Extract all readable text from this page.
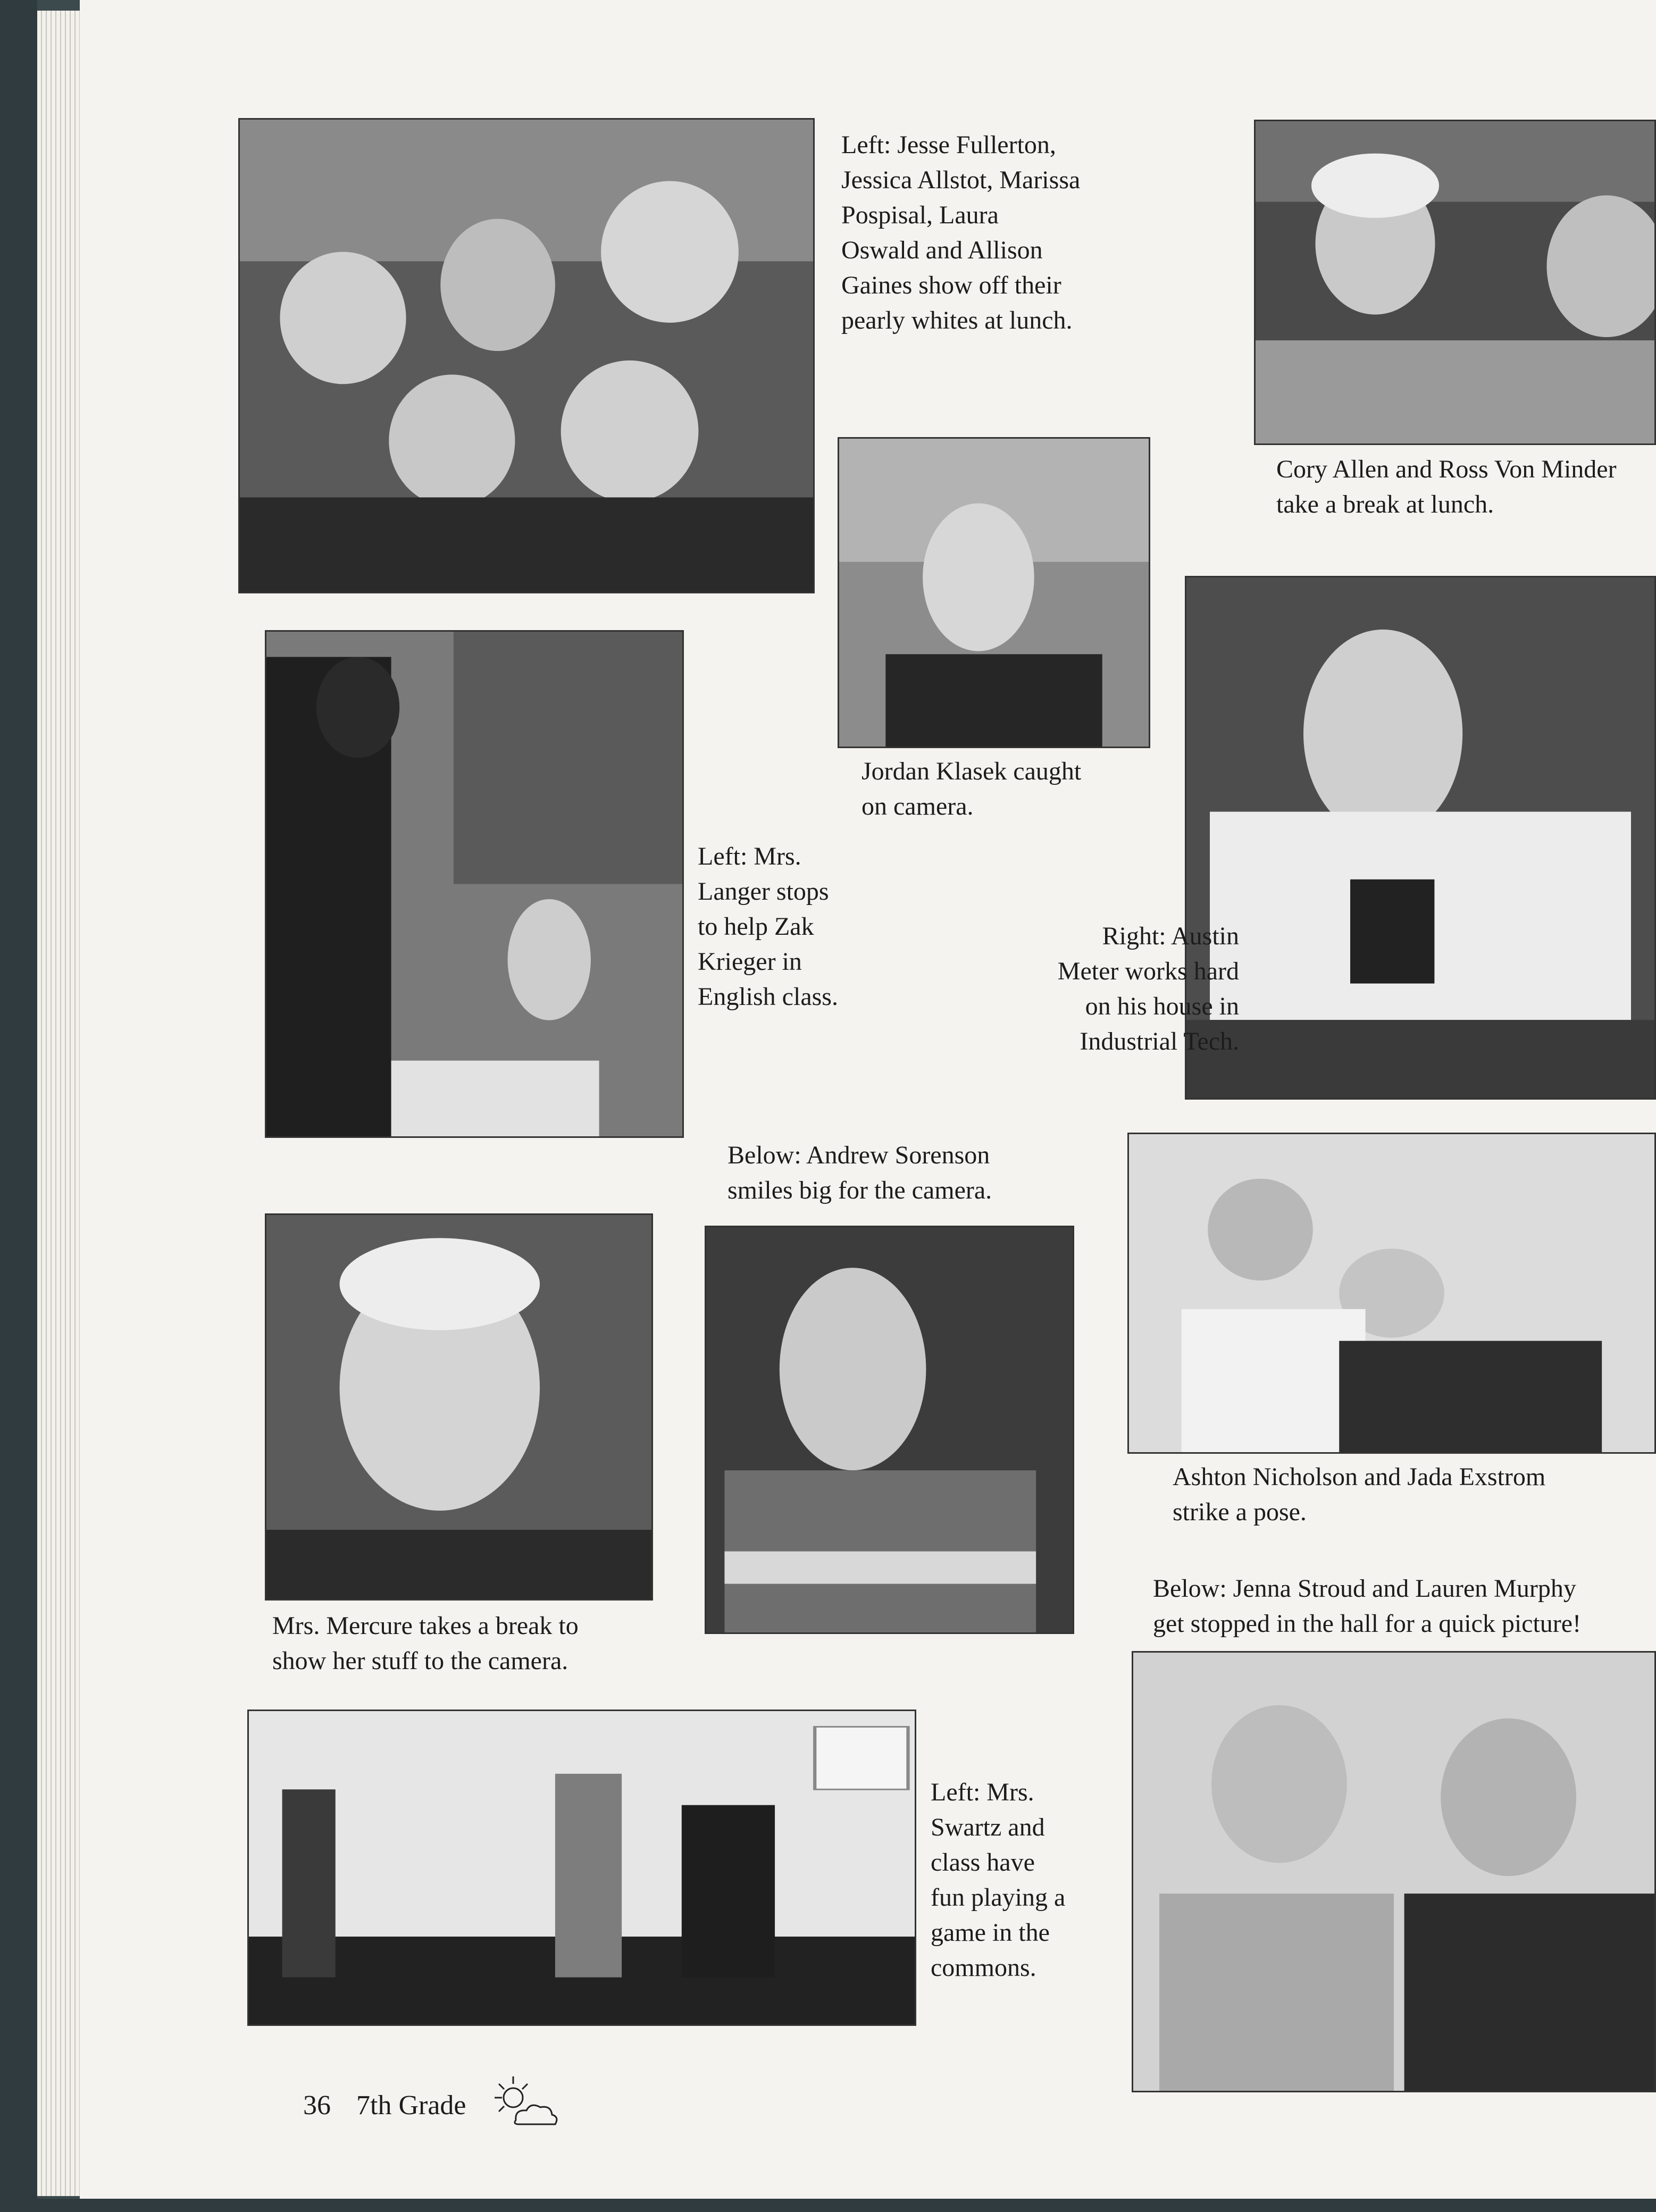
Left: Jesse Fullerton,
Jessica Allstot, Marissa
Pospisal, Laura
Oswald and Allison
Gaines show off their
pearly whites at lunch.
Cory Allen and Ross Von Minder
take a break at lunch.
Jordan Klasek caught
on camera.
Left: Mrs.
Langer stops
to help Zak
Krieger in
English class.
Right: Austin
Meter works hard
on his house in
Industrial Tech.
Ashton Nicholson and Jada Exstrom
strike a pose.
Below: Andrew Sorenson
smiles big for the camera.
Mrs. Mercure takes a break to
show her stuff to the camera.
Below: Jenna Stroud and Lauren Murphy
get stopped in the hall for a quick picture!
Left: Mrs.
Swartz and
class have
fun playing a
game in the
commons.
36 7th Grade
